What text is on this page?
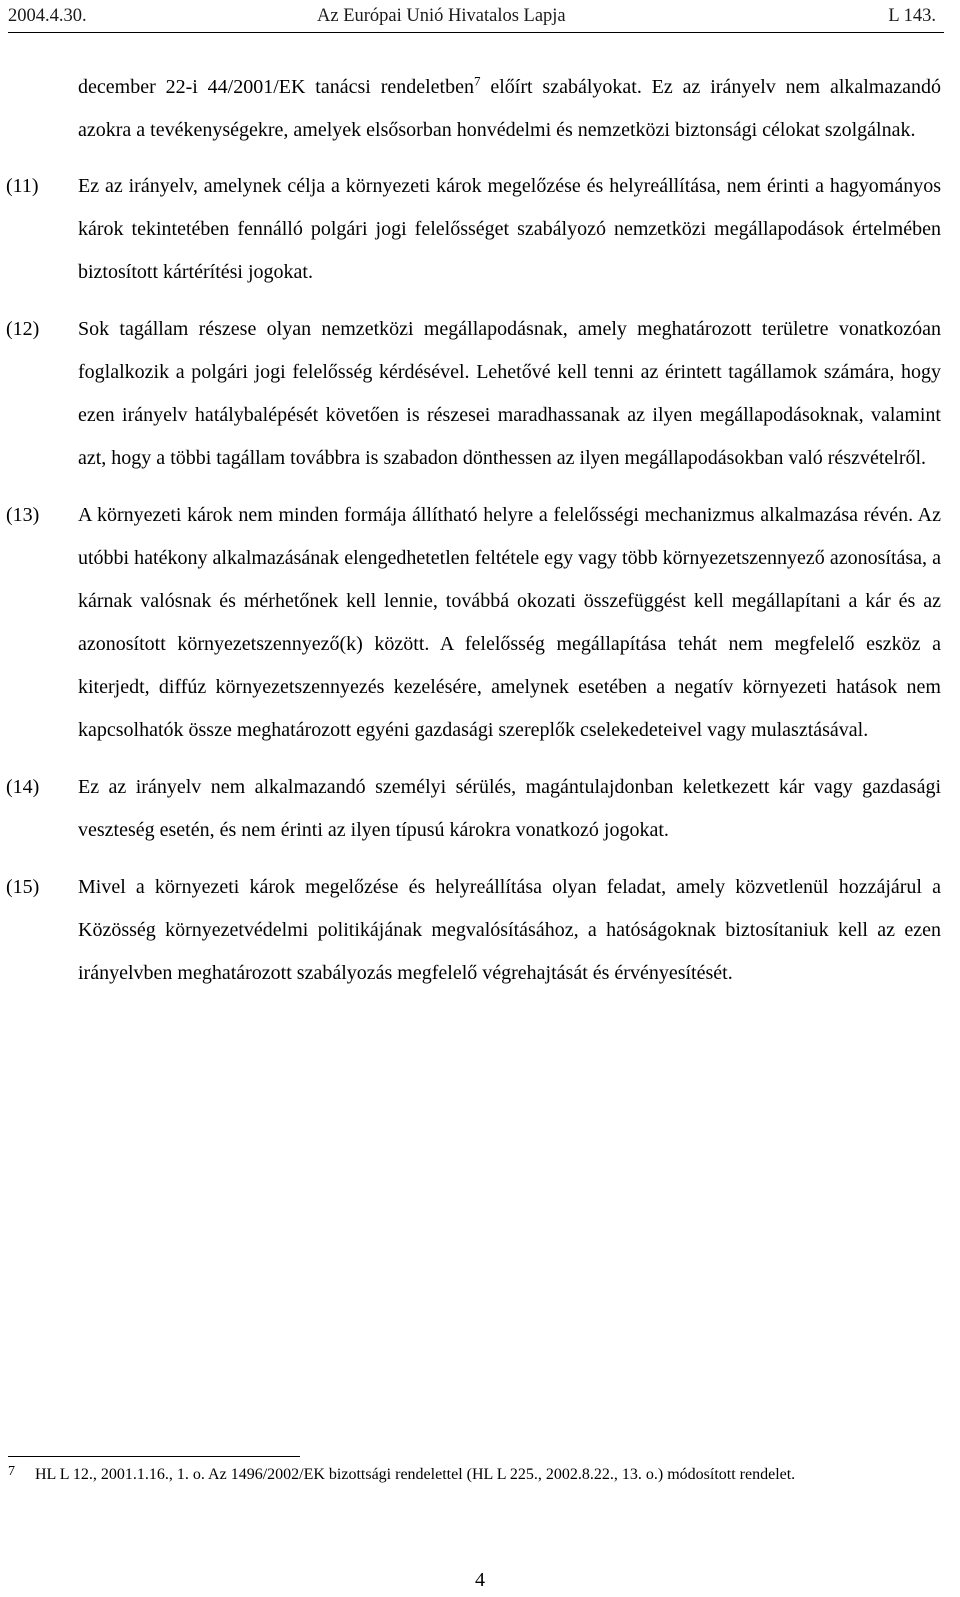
2004.4.30.	Az Európai Unió Hivatalos Lapja	L 143.

december 22-i 44/2001/EK tanácsi rendeletben$^7$ előírt szabályokat. Ez az irányelv nem alkalmazandó azokra a tevékenységekre, amelyek elsősorban honvédelmi és nemzetközi biztonsági célokat szolgálnak.

(11) Ez az irányelv, amelynek célja a környezeti károk megelőzése és helyreállítása, nem érinti a hagyományos károk tekintetében fennálló polgári jogi felelősséget szabályozó nemzetközi megállapodások értelmében biztosított kártérítési jogokat.

(12) Sok tagállam részese olyan nemzetközi megállapodásnak, amely meghatározott területre vonatkozóan foglalkozik a polgári jogi felelősség kérdésével. Lehetővé kell tenni az érintett tagállamok számára, hogy ezen irányelv hatálybalépését követően is részesei maradhassanak az ilyen megállapodásoknak, valamint azt, hogy a többi tagállam továbbra is szabadon dönthessen az ilyen megállapodásokban való részvételről.

(13) A környezeti károk nem minden formája állítható helyre a felelősségi mechanizmus alkalmazása révén. Az utóbbi hatékony alkalmazásának elengedhetetlen feltétele egy vagy több környezetszennyező azonosítása, a kárnak valósnak és mérhetőnek kell lennie, továbbá okozati összefüggést kell megállapítani a kár és az azonosított környezetszennyező(k) között. A felelősség megállapítása tehát nem megfelelő eszköz a kiterjedt, diffúz környezetszennyezés kezelésére, amelynek esetében a negatív környezeti hatások nem kapcsolhatók össze meghatározott egyéni gazdasági szereplők cselekedeteivel vagy mulasztásával.

(14) Ez az irányelv nem alkalmazandó személyi sérülés, magántulajdonban keletkezett kár vagy gazdasági veszteség esetén, és nem érinti az ilyen típusú károkra vonatkozó jogokat.

(15) Mivel a környezeti károk megelőzése és helyreállítása olyan feladat, amely közvetlenül hozzájárul a Közösség környezetvédelmi politikájának megvalósításához, a hatóságoknak biztosítaniuk kell az ezen irányelvben meghatározott szabályozás megfelelő végrehajtását és érvényesítését.

7 HL L 12., 2001.1.16., 1. o. Az 1496/2002/EK bizottsági rendelettel (HL L 225., 2002.8.22., 13. o.) módosított rendelet.
4
